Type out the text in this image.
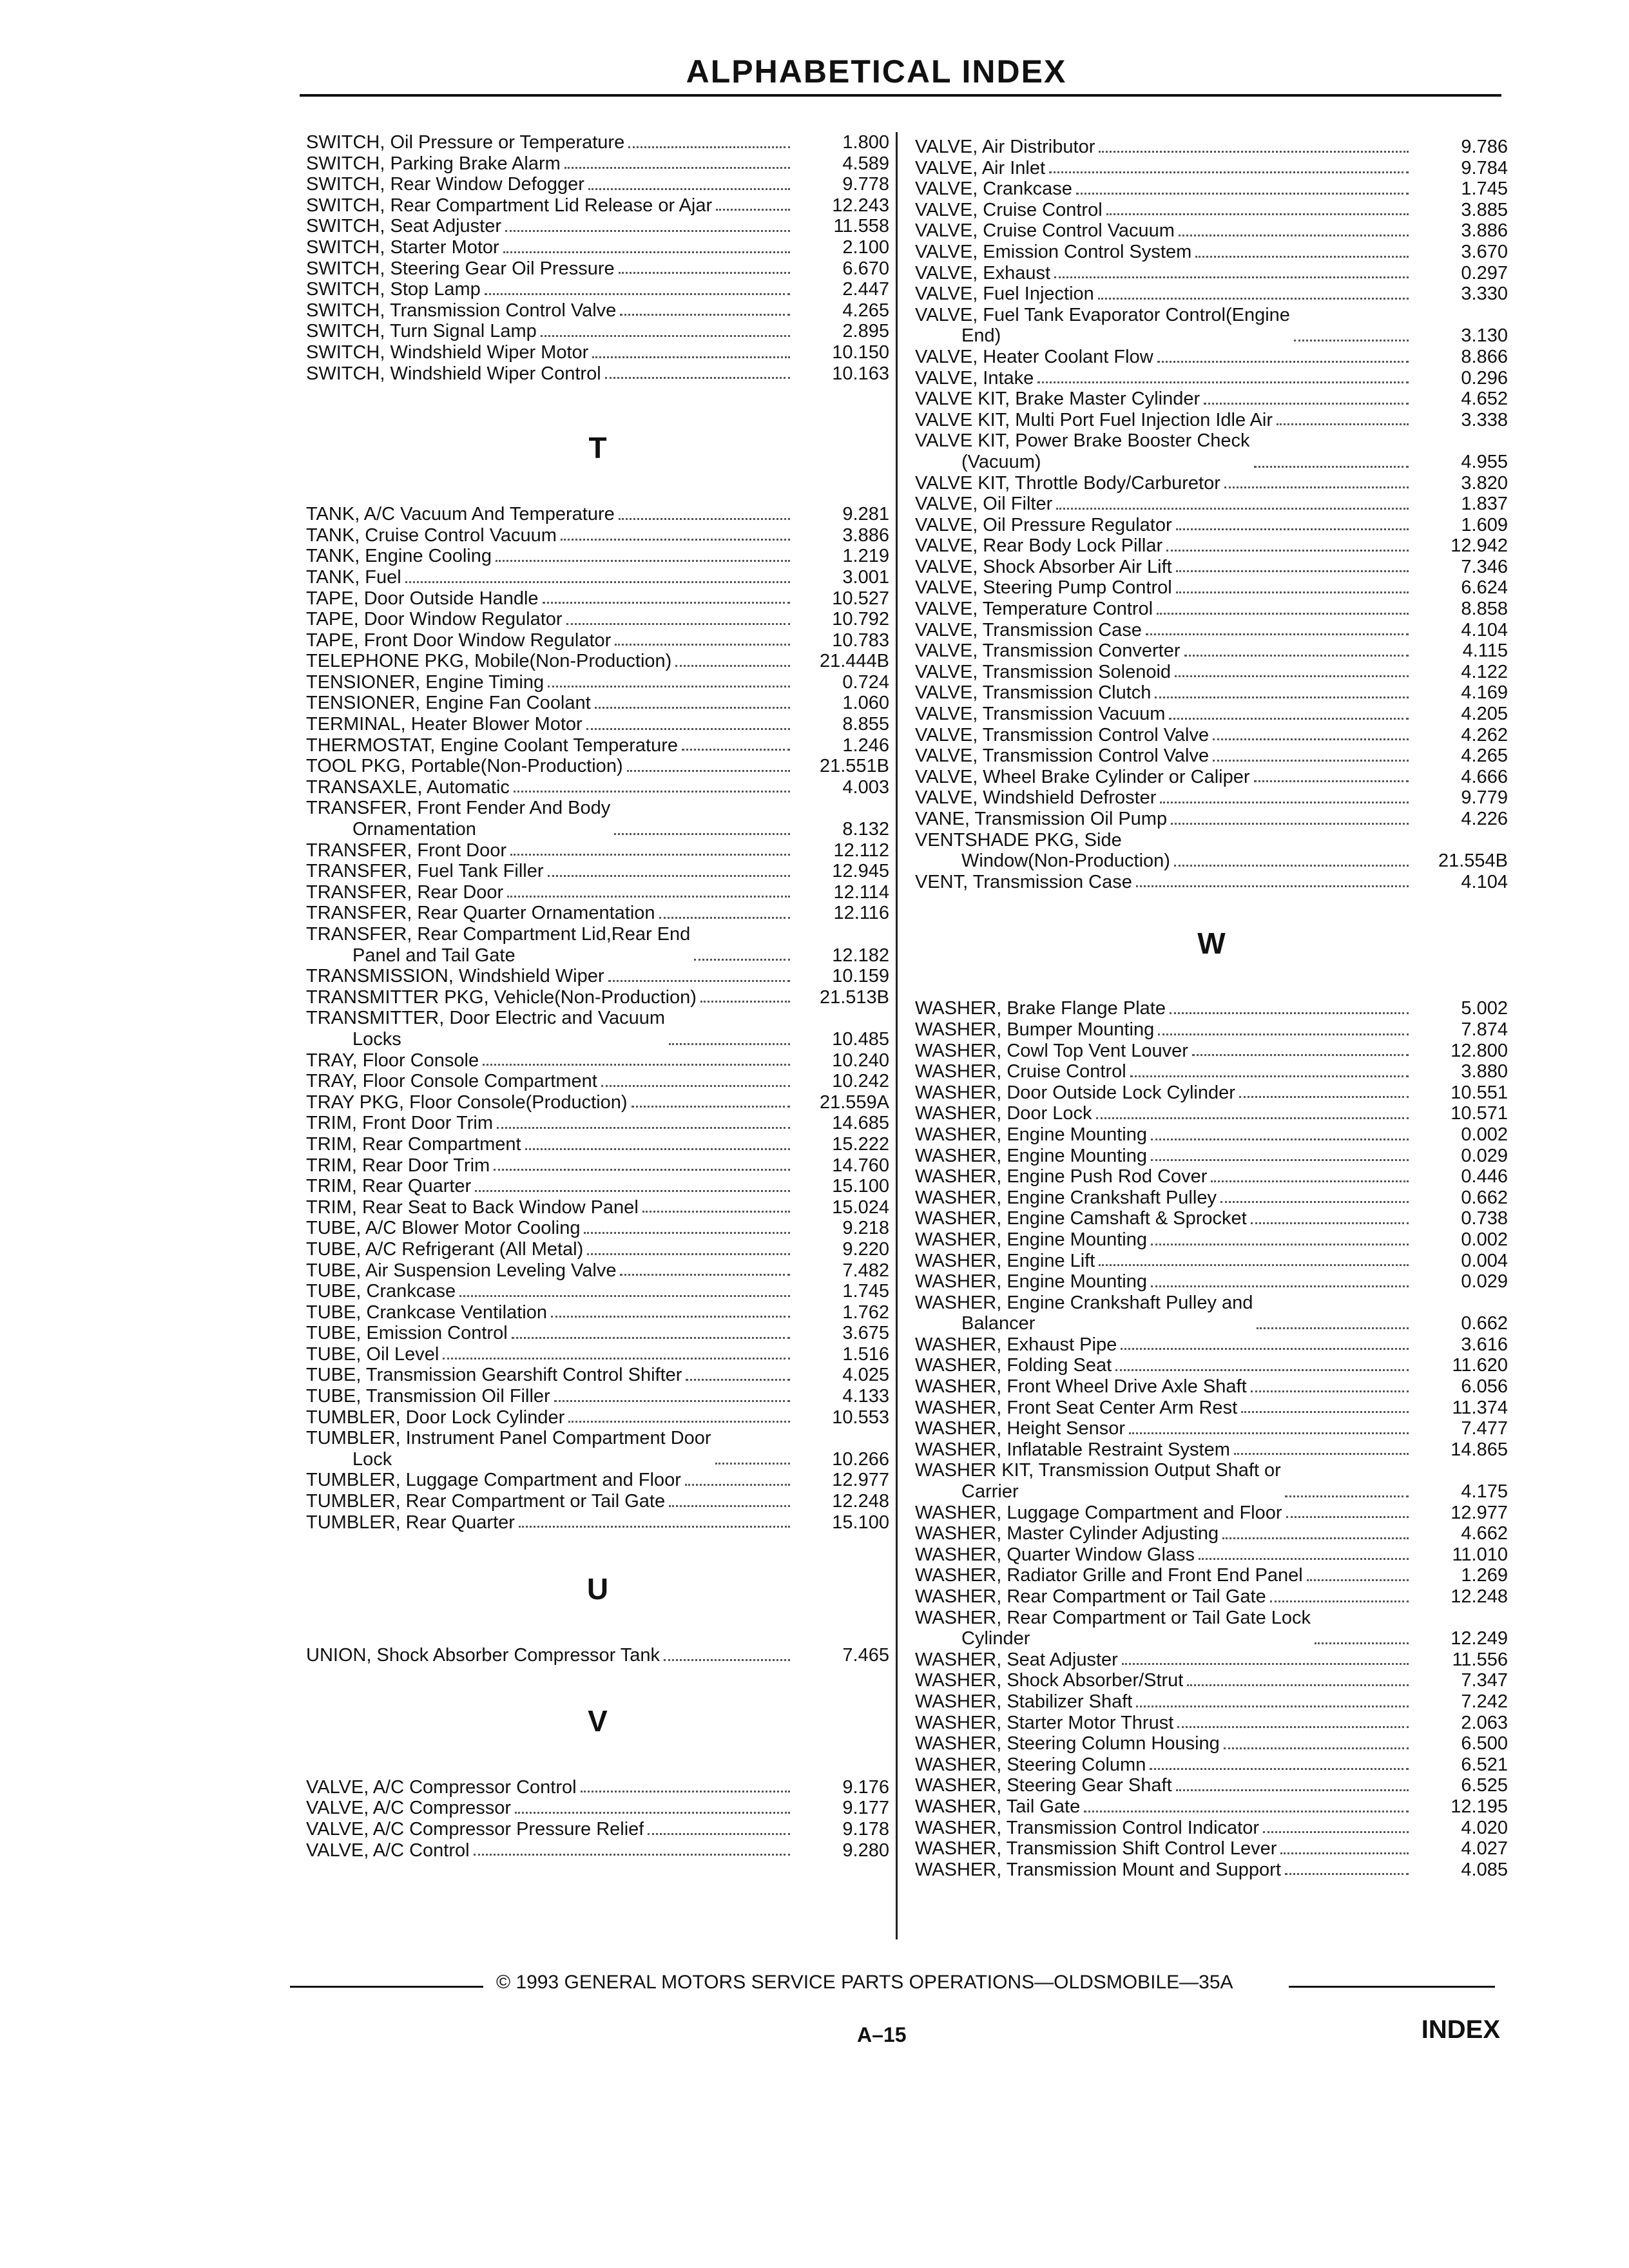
ALPHABETICAL INDEX
SWITCH, Oil Pressure or Temperature	1.800
SWITCH, Parking Brake Alarm	4.589
SWITCH, Rear Window Defogger	9.778
SWITCH, Rear Compartment Lid Release or Ajar	12.243
SWITCH, Seat Adjuster	11.558
SWITCH, Starter Motor	2.100
SWITCH, Steering Gear Oil Pressure	6.670
SWITCH, Stop Lamp	2.447
SWITCH, Transmission Control Valve	4.265
SWITCH, Turn Signal Lamp	2.895
SWITCH, Windshield Wiper Motor	10.150
SWITCH, Windshield Wiper Control	10.163
T
TANK, A/C Vacuum And Temperature	9.281
TANK, Cruise Control Vacuum	3.886
TANK, Engine Cooling	1.219
TANK, Fuel	3.001
TAPE, Door Outside Handle	10.527
TAPE, Door Window Regulator	10.792
TAPE, Front Door Window Regulator	10.783
TELEPHONE PKG, Mobile(Non-Production)	21.444B
TENSIONER, Engine Timing	0.724
TENSIONER, Engine Fan Coolant	1.060
TERMINAL, Heater Blower Motor	8.855
THERMOSTAT, Engine Coolant Temperature	1.246
TOOL PKG, Portable(Non-Production)	21.551B
TRANSAXLE, Automatic	4.003
TRANSFER, Front Fender And Body
Ornamentation	8.132
TRANSFER, Front Door	12.112
TRANSFER, Fuel Tank Filler	12.945
TRANSFER, Rear Door	12.114
TRANSFER, Rear Quarter Ornamentation	12.116
TRANSFER, Rear Compartment Lid,Rear End
Panel and Tail Gate	12.182
TRANSMISSION, Windshield Wiper	10.159
TRANSMITTER PKG, Vehicle(Non-Production)	21.513B
TRANSMITTER, Door Electric and Vacuum
Locks	10.485
TRAY, Floor Console	10.240
TRAY, Floor Console Compartment	10.242
TRAY PKG, Floor Console(Production)	21.559A
TRIM, Front Door Trim	14.685
TRIM, Rear Compartment	15.222
TRIM, Rear Door Trim	14.760
TRIM, Rear Quarter	15.100
TRIM, Rear Seat to Back Window Panel	15.024
TUBE, A/C Blower Motor Cooling	9.218
TUBE, A/C Refrigerant (All Metal)	9.220
TUBE, Air Suspension Leveling Valve	7.482
TUBE, Crankcase	1.745
TUBE, Crankcase Ventilation	1.762
TUBE, Emission Control	3.675
TUBE, Oil Level	1.516
TUBE, Transmission Gearshift Control Shifter	4.025
TUBE, Transmission Oil Filler	4.133
TUMBLER, Door Lock Cylinder	10.553
TUMBLER, Instrument Panel Compartment Door
Lock	10.266
TUMBLER, Luggage Compartment and Floor	12.977
TUMBLER, Rear Compartment or Tail Gate	12.248
TUMBLER, Rear Quarter	15.100
U
UNION, Shock Absorber Compressor Tank	7.465
V
VALVE, A/C Compressor Control	9.176
VALVE, A/C Compressor	9.177
VALVE, A/C Compressor Pressure Relief	9.178
VALVE, A/C Control	9.280
VALVE, Air Distributor	9.786
VALVE, Air Inlet	9.784
VALVE, Crankcase	1.745
VALVE, Cruise Control	3.885
VALVE, Cruise Control Vacuum	3.886
VALVE, Emission Control System	3.670
VALVE, Exhaust	0.297
VALVE, Fuel Injection	3.330
VALVE, Fuel Tank Evaporator Control(Engine
End)	3.130
VALVE, Heater Coolant Flow	8.866
VALVE, Intake	0.296
VALVE KIT, Brake Master Cylinder	4.652
VALVE KIT, Multi Port Fuel Injection Idle Air	3.338
VALVE KIT, Power Brake Booster Check
(Vacuum)	4.955
VALVE KIT, Throttle Body/Carburetor	3.820
VALVE, Oil Filter	1.837
VALVE, Oil Pressure Regulator	1.609
VALVE, Rear Body Lock Pillar	12.942
VALVE, Shock Absorber Air Lift	7.346
VALVE, Steering Pump Control	6.624
VALVE, Temperature Control	8.858
VALVE, Transmission Case	4.104
VALVE, Transmission Converter	4.115
VALVE, Transmission Solenoid	4.122
VALVE, Transmission Clutch	4.169
VALVE, Transmission Vacuum	4.205
VALVE, Transmission Control Valve	4.262
VALVE, Transmission Control Valve	4.265
VALVE, Wheel Brake Cylinder or Caliper	4.666
VALVE, Windshield Defroster	9.779
VANE, Transmission Oil Pump	4.226
VENTSHADE PKG, Side
Window(Non-Production)	21.554B
VENT, Transmission Case	4.104
W
WASHER, Brake Flange Plate	5.002
WASHER, Bumper Mounting	7.874
WASHER, Cowl Top Vent Louver	12.800
WASHER, Cruise Control	3.880
WASHER, Door Outside Lock Cylinder	10.551
WASHER, Door Lock	10.571
WASHER, Engine Mounting	0.002
WASHER, Engine Mounting	0.029
WASHER, Engine Push Rod Cover	0.446
WASHER, Engine Crankshaft Pulley	0.662
WASHER, Engine Camshaft & Sprocket	0.738
WASHER, Engine Mounting	0.002
WASHER, Engine Lift	0.004
WASHER, Engine Mounting	0.029
WASHER, Engine Crankshaft Pulley and
Balancer	0.662
WASHER, Exhaust Pipe	3.616
WASHER, Folding Seat	11.620
WASHER, Front Wheel Drive Axle Shaft	6.056
WASHER, Front Seat Center Arm Rest	11.374
WASHER, Height Sensor	7.477
WASHER, Inflatable Restraint System	14.865
WASHER KIT, Transmission Output Shaft or
Carrier	4.175
WASHER, Luggage Compartment and Floor	12.977
WASHER, Master Cylinder Adjusting	4.662
WASHER, Quarter Window Glass	11.010
WASHER, Radiator Grille and Front End Panel	1.269
WASHER, Rear Compartment or Tail Gate	12.248
WASHER, Rear Compartment or Tail Gate Lock
Cylinder	12.249
WASHER, Seat Adjuster	11.556
WASHER, Shock Absorber/Strut	7.347
WASHER, Stabilizer Shaft	7.242
WASHER, Starter Motor Thrust	2.063
WASHER, Steering Column Housing	6.500
WASHER, Steering Column	6.521
WASHER, Steering Gear Shaft	6.525
WASHER, Tail Gate	12.195
WASHER, Transmission Control Indicator	4.020
WASHER, Transmission Shift Control Lever	4.027
WASHER, Transmission Mount and Support	4.085
© 1993 GENERAL MOTORS SERVICE PARTS OPERATIONS—OLDSMOBILE—35A
A–15	INDEX
